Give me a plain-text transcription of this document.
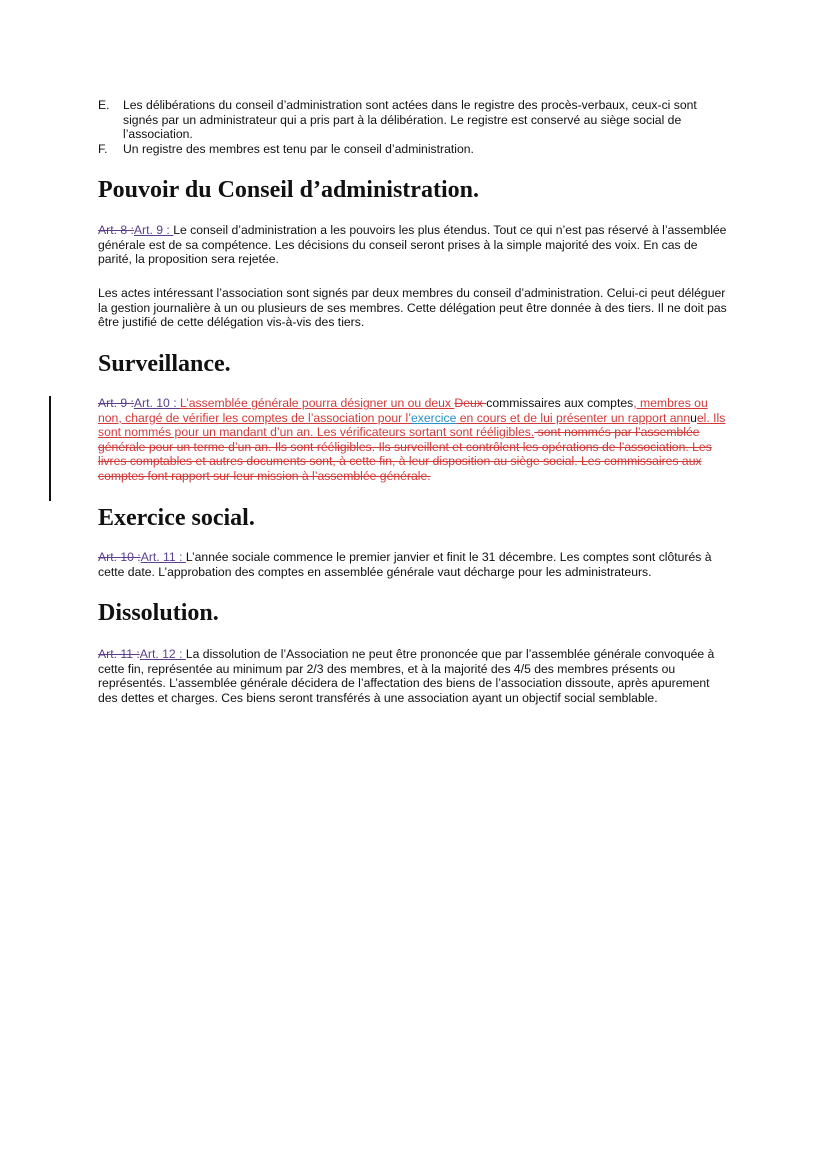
E.	Les délibérations du conseil d’administration sont actées dans le registre des procès-verbaux, ceux-ci sont signés par un administrateur qui a pris part à la délibération. Le registre est conservé au siège social de l’association.
F.	Un registre des membres est tenu par le conseil d’administration.
Pouvoir du Conseil d’administration.

Art. 8 :Art. 9 : Le conseil d’administration a les pouvoirs les plus étendus. Tout ce qui n’est pas réservé à l’assemblée générale est de sa compétence. Les décisions du conseil seront prises à la simple majorité des voix. En cas de parité, la proposition sera rejetée.

Les actes intéressant l’association sont signés par deux membres du conseil d’administration. Celui-ci peut déléguer la gestion journalière à un ou plusieurs de ses membres. Cette délégation peut être donnée à des tiers. Il ne doit pas être justifié de cette délégation vis-à-vis des tiers.

Surveillance.

Art. 9 :Art. 10 : L’assemblée générale pourra désigner un ou deux Deux commissaires aux comptes, membres ou non, chargé de vérifier les comptes de l’association pour l’exercice en cours et de lui présenter un rapport annuel. Ils sont nommés pour un mandant d’un an. Les vérificateurs sortant sont rééligibles. sont nommés par l’assemblée générale pour un terme d’un an. Ils sont rééligibles. Ils surveillent et contrôlent les opérations de l’association. Les livres comptables et autres documents sont, à cette fin, à leur disposition au siège social. Les commissaires aux comptes font rapport sur leur mission à l’assemblée générale.

Exercice social.

Art. 10 :Art. 11 : L’année sociale commence le premier janvier et finit le 31 décembre. Les comptes sont clôturés à cette date. L’approbation des comptes en assemblée générale vaut décharge pour les administrateurs.

Dissolution.

Art. 11 :Art. 12 : La dissolution de l’Association ne peut être prononcée que par l’assemblée générale convoquée à cette fin, représentée au minimum par 2/3 des membres, et à la majorité des 4/5 des membres présents ou représentés. L’assemblée générale décidera de l’affectation des biens de l’association dissoute, après apurement des dettes et charges. Ces biens seront transférés à une association ayant un objectif social semblable.
